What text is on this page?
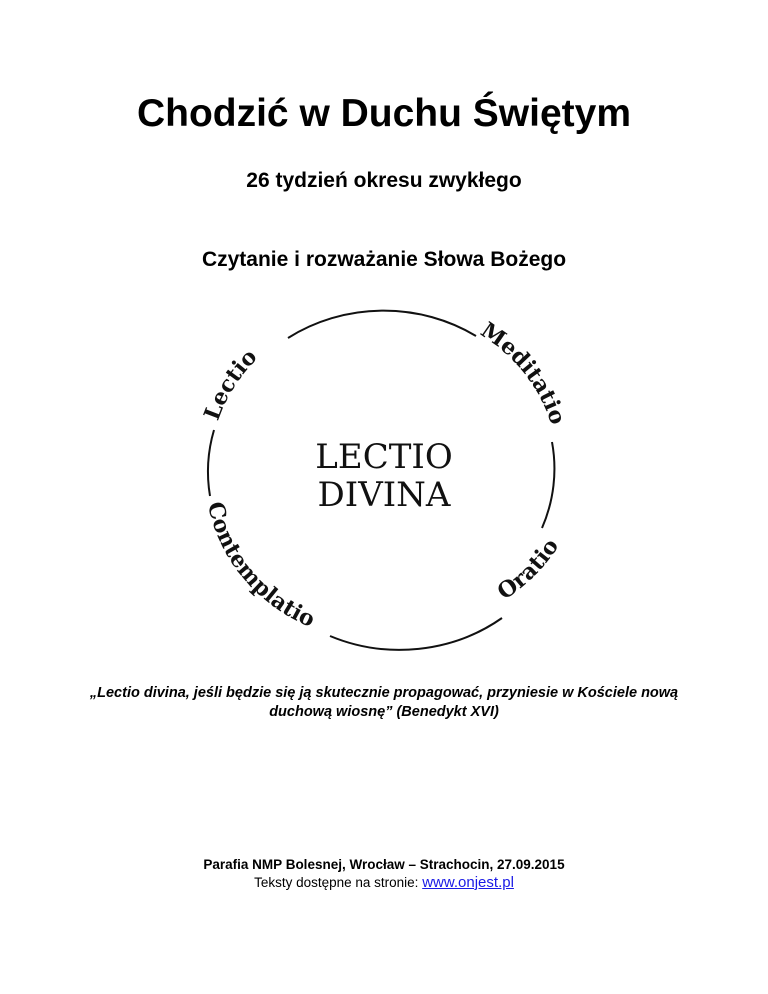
Chodzić w Duchu Świętym
26 tydzień okresu zwykłego
Czytanie i rozważanie Słowa Bożego
Lectio
Meditatio
Contemplatio
Oratio
LECTIO
DIVINA

„Lectio divina, jeśli będzie się ją skutecznie propagować, przyniesie w Kościele nową duchową wiosnę” (Benedykt XVI)

Parafia NMP Bolesnej, Wrocław – Strachocin, 27.09.2015
Teksty dostępne na stronie: www.onjest.pl
